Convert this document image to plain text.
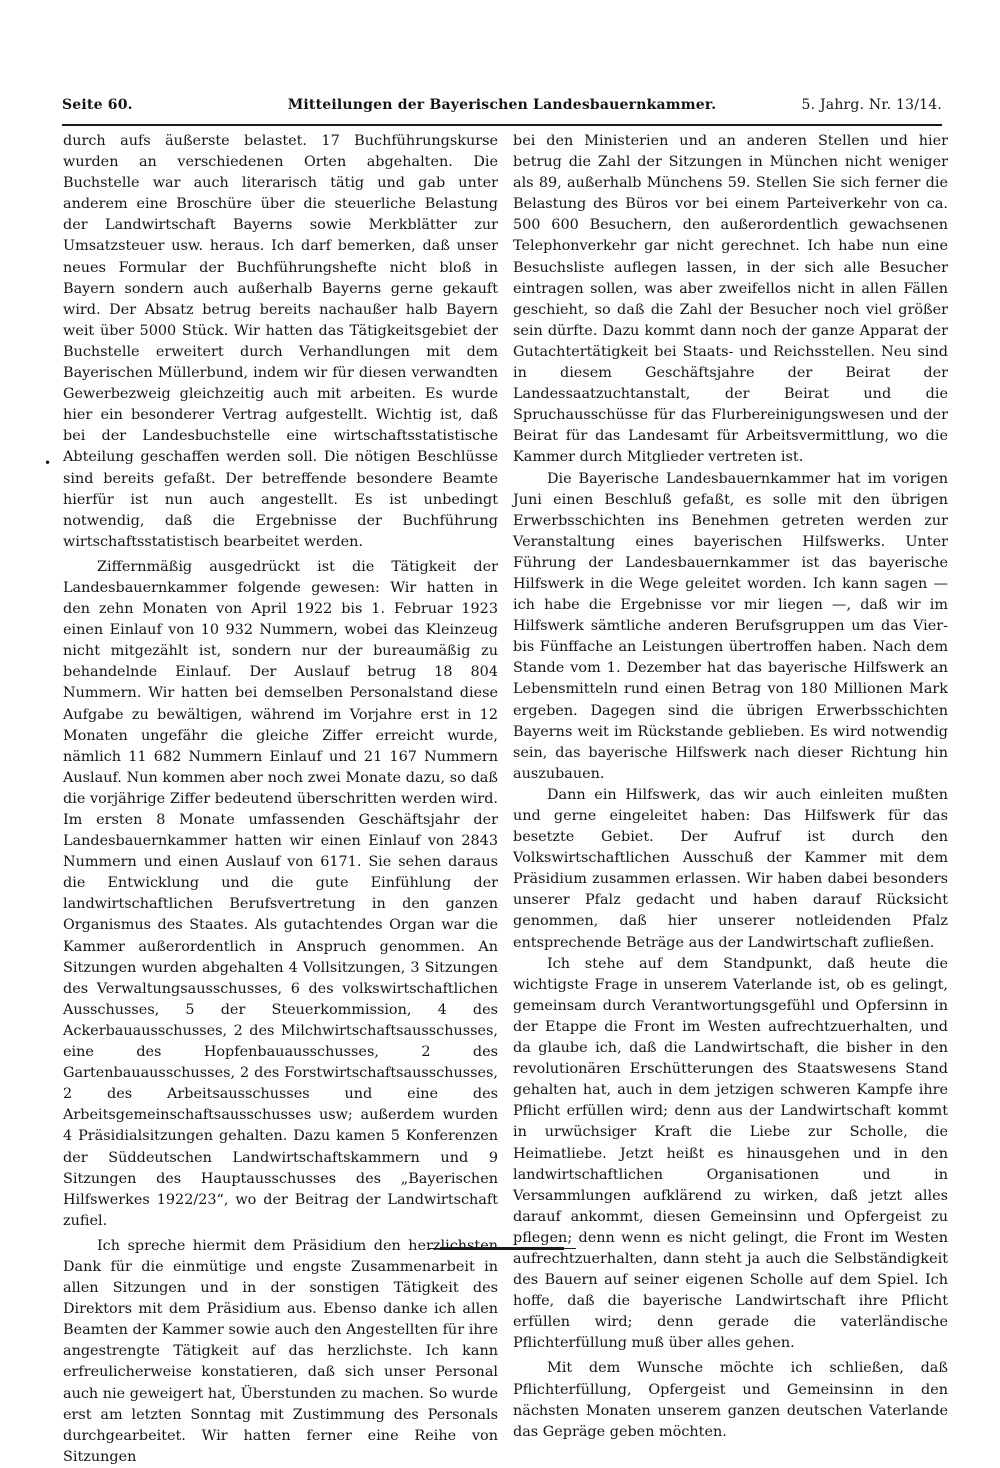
Seite 60.	Mitteilungen der Bayerischen Landesbauernkammer.	5. Jahrg. Nr. 13/14.
•

durch aufs äußerste belastet. 17 Buchführungskurse wurden an verschiedenen Orten abgehalten. Die Buchstelle war auch literarisch tätig und gab unter anderem eine Broschüre über die steuerliche Belastung der Landwirtschaft Bayerns sowie Merkblätter zur Umsatzsteuer usw. heraus. Ich darf bemerken, daß unser neues Formular der Buchführungshefte nicht bloß in Bayern sondern auch außerhalb Bayerns gerne gekauft wird. Der Absatz betrug bereits nachaußer halb Bayern weit über 5000 Stück. Wir hatten das Tätigkeitsgebiet der Buchstelle erweitert durch Verhandlungen mit dem Bayerischen Müllerbund, indem wir für diesen verwandten Gewerbezweig gleichzeitig auch mit arbeiten. Es wurde hier ein besonderer Vertrag aufgestellt. Wichtig ist, daß bei der Landesbuchstelle eine wirtschaftsstatistische Abteilung geschaffen werden soll. Die nötigen Beschlüsse sind bereits gefaßt. Der betreffende besondere Beamte hierfür ist nun auch angestellt. Es ist unbedingt notwendig, daß die Ergebnisse der Buchführung wirtschaftsstatistisch bearbeitet werden.

Ziffernmäßig ausgedrückt ist die Tätigkeit der Landesbauernkammer folgende gewesen: Wir hatten in den zehn Monaten von April 1922 bis 1. Februar 1923 einen Einlauf von 10 932 Nummern, wobei das Kleinzeug nicht mitgezählt ist, sondern nur der bureaumäßig zu behandelnde Einlauf. Der Auslauf betrug 18 804 Nummern. Wir hatten bei demselben Personalstand diese Aufgabe zu bewältigen, während im Vorjahre erst in 12 Monaten ungefähr die gleiche Ziffer erreicht wurde, nämlich 11 682 Nummern Einlauf und 21 167 Nummern Auslauf. Nun kommen aber noch zwei Monate dazu, so daß die vorjährige Ziffer bedeutend überschritten werden wird. Im ersten 8 Monate umfassenden Geschäftsjahr der Landesbauernkammer hatten wir einen Einlauf von 2843 Nummern und einen Auslauf von 6171. Sie sehen daraus die Entwicklung und die gute Einfühlung der landwirtschaftlichen Berufsvertretung in den ganzen Organismus des Staates. Als gutachtendes Organ war die Kammer außerordentlich in Anspruch genommen. An Sitzungen wurden abgehalten 4 Vollsitzungen, 3 Sitzungen des Verwaltungsausschusses, 6 des volkswirtschaftlichen Ausschusses, 5 der Steuerkommission, 4 des Ackerbauausschusses, 2 des Milchwirtschaftsausschusses, eine des Hopfenbauausschusses, 2 des Gartenbauausschusses, 2 des Forstwirtschaftsausschusses, 2 des Arbeitsausschusses und eine des Arbeitsgemeinschaftsausschusses usw; außerdem wurden 4 Präsidialsitzungen gehalten. Dazu kamen 5 Konferenzen der Süddeutschen Landwirtschaftskammern und 9 Sitzungen des Hauptausschusses des „Bayerischen Hilfswerkes 1922/23“, wo der Beitrag der Landwirtschaft zufiel.

Ich spreche hiermit dem Präsidium den herzlichsten Dank für die einmütige und engste Zusammenarbeit in allen Sitzungen und in der sonstigen Tätigkeit des Direktors mit dem Präsidium aus. Ebenso danke ich allen Beamten der Kammer sowie auch den Angestellten für ihre angestrengte Tätigkeit auf das herzlichste. Ich kann erfreulicherweise konstatieren, daß sich unser Personal auch nie geweigert hat, Überstunden zu machen. So wurde erst am letzten Sonntag mit Zustimmung des Personals durchgearbeitet. Wir hatten ferner eine Reihe von Sitzungen

bei den Ministerien und an anderen Stellen und hier betrug die Zahl der Sitzungen in München nicht weniger als 89, außerhalb Münchens 59. Stellen Sie sich ferner die Belastung des Büros vor bei einem Parteiverkehr von ca. 500 600 Besuchern, den außerordentlich gewachsenen Telephonverkehr gar nicht gerechnet. Ich habe nun eine Besuchsliste auflegen lassen, in der sich alle Besucher eintragen sollen, was aber zweifellos nicht in allen Fällen geschieht, so daß die Zahl der Besucher noch viel größer sein dürfte. Dazu kommt dann noch der ganze Apparat der Gutachtertätigkeit bei Staats- und Reichsstellen. Neu sind in diesem Geschäftsjahre der Beirat der Landessaatzuchtanstalt, der Beirat und die Spruchausschüsse für das Flurbereinigungswesen und der Beirat für das Landesamt für Arbeitsvermittlung, wo die Kammer durch Mitglieder vertreten ist.

Die Bayerische Landesbauernkammer hat im vorigen Juni einen Beschluß gefaßt, es solle mit den übrigen Erwerbsschichten ins Benehmen getreten werden zur Veranstaltung eines bayerischen Hilfswerks. Unter Führung der Landesbauernkammer ist das bayerische Hilfswerk in die Wege geleitet worden. Ich kann sagen — ich habe die Ergebnisse vor mir liegen —, daß wir im Hilfswerk sämtliche anderen Berufsgruppen um das Vier- bis Fünffache an Leistungen übertroffen haben. Nach dem Stande vom 1. Dezember hat das bayerische Hilfswerk an Lebensmitteln rund einen Betrag von 180 Millionen Mark ergeben. Dagegen sind die übrigen Erwerbsschichten Bayerns weit im Rückstande geblieben. Es wird notwendig sein, das bayerische Hilfswerk nach dieser Richtung hin auszubauen.

Dann ein Hilfswerk, das wir auch einleiten mußten und gerne eingeleitet haben: Das Hilfswerk für das besetzte Gebiet. Der Aufruf ist durch den Volkswirtschaftlichen Ausschuß der Kammer mit dem Präsidium zusammen erlassen. Wir haben dabei besonders unserer Pfalz gedacht und haben darauf Rücksicht genommen, daß hier unserer notleidenden Pfalz entsprechende Beträge aus der Landwirtschaft zufließen.

Ich stehe auf dem Standpunkt, daß heute die wichtigste Frage in unserem Vaterlande ist, ob es gelingt, gemeinsam durch Verantwortungsgefühl und Opfersinn in der Etappe die Front im Westen aufrechtzuerhalten, und da glaube ich, daß die Landwirtschaft, die bisher in den revolutionären Erschütterungen des Staatswesens Stand gehalten hat, auch in dem jetzigen schweren Kampfe ihre Pflicht erfüllen wird; denn aus der Landwirtschaft kommt in urwüchsiger Kraft die Liebe zur Scholle, die Heimatliebe. Jetzt heißt es hinausgehen und in den landwirtschaftlichen Organisationen und in Versammlungen aufklärend zu wirken, daß jetzt alles darauf ankommt, diesen Gemeinsinn und Opfergeist zu pflegen; denn wenn es nicht gelingt, die Front im Westen aufrechtzuerhalten, dann steht ja auch die Selbständigkeit des Bauern auf seiner eigenen Scholle auf dem Spiel. Ich hoffe, daß die bayerische Landwirtschaft ihre Pflicht erfüllen wird; denn gerade die vaterländische Pflichterfüllung muß über alles gehen.

Mit dem Wunsche möchte ich schließen, daß Pflichterfüllung, Opfergeist und Gemeinsinn in den nächsten Monaten unserem ganzen deutschen Vaterlande das Gepräge geben möchten.
